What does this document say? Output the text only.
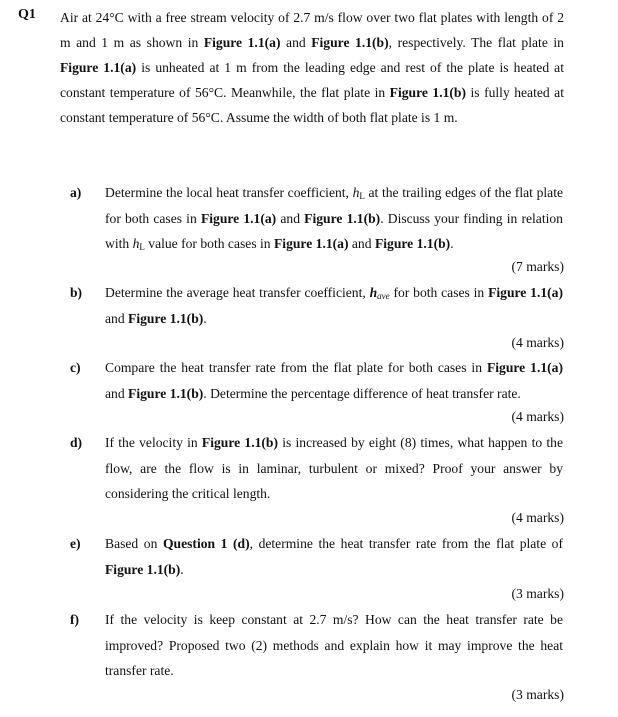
Q1 Air at 24°C with a free stream velocity of 2.7 m/s flow over two flat plates with length of 2 m and 1 m as shown in Figure 1.1(a) and Figure 1.1(b), respectively. The flat plate in Figure 1.1(a) is unheated at 1 m from the leading edge and rest of the plate is heated at constant temperature of 56°C. Meanwhile, the flat plate in Figure 1.1(b) is fully heated at constant temperature of 56°C. Assume the width of both flat plate is 1 m.
a) Determine the local heat transfer coefficient, $h_L$ at the trailing edges of the flat plate for both cases in Figure 1.1(a) and Figure 1.1(b). Discuss your finding in relation with $h_L$ value for both cases in Figure 1.1(a) and Figure 1.1(b).
(7 marks)
b) Determine the average heat transfer coefficient, $h_{ave}$ for both cases in Figure 1.1(a) and Figure 1.1(b).
(4 marks)
c) Compare the heat transfer rate from the flat plate for both cases in Figure 1.1(a) and Figure 1.1(b). Determine the percentage difference of heat transfer rate.
(4 marks)
d) If the velocity in Figure 1.1(b) is increased by eight (8) times, what happen to the flow, are the flow is in laminar, turbulent or mixed? Proof your answer by considering the critical length.
(4 marks)
e) Based on Question 1 (d), determine the heat transfer rate from the flat plate of Figure 1.1(b).
(3 marks)
f) If the velocity is keep constant at 2.7 m/s? How can the heat transfer rate be improved? Proposed two (2) methods and explain how it may improve the heat transfer rate.
(3 marks)
